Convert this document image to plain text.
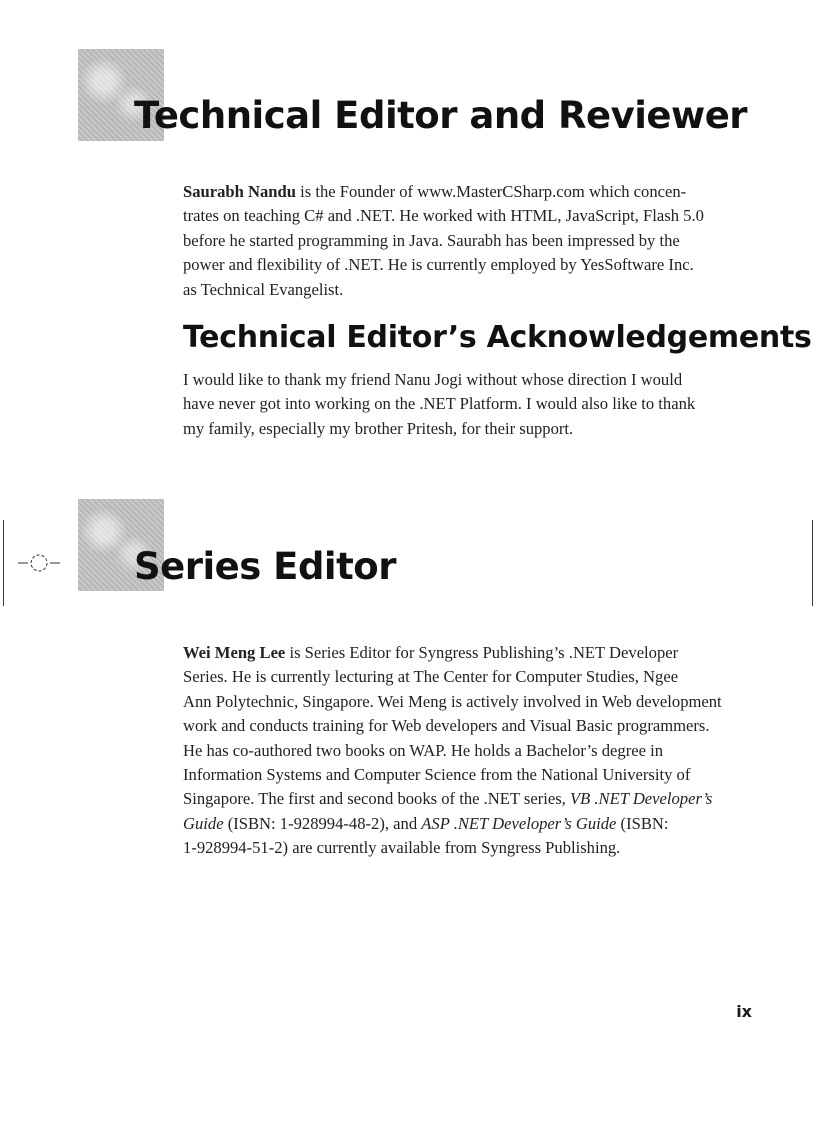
Technical Editor and Reviewer

Saurabh Nandu is the Founder of www.MasterCSharp.com which concen-
trates on teaching C# and .NET. He worked with HTML, JavaScript, Flash 5.0
before he started programming in Java. Saurabh has been impressed by the
power and flexibility of .NET. He is currently employed by YesSoftware Inc.
as Technical Evangelist.

Technical Editor’s Acknowledgements

I would like to thank my friend Nanu Jogi without whose direction I would
have never got into working on the .NET Platform. I would also like to thank
my family, especially my brother Pritesh, for their support.

Series Editor

Wei Meng Lee is Series Editor for Syngress Publishing’s .NET Developer
Series. He is currently lecturing at The Center for Computer Studies, Ngee
Ann Polytechnic, Singapore. Wei Meng is actively involved in Web development
work and conducts training for Web developers and Visual Basic programmers.
He has co-authored two books on WAP. He holds a Bachelor’s degree in
Information Systems and Computer Science from the National University of
Singapore. The first and second books of the .NET series, VB .NET Developer’s
Guide (ISBN: 1-928994-48-2), and ASP .NET Developer’s Guide (ISBN:
1-928994-51-2) are currently available from Syngress Publishing.

ix
